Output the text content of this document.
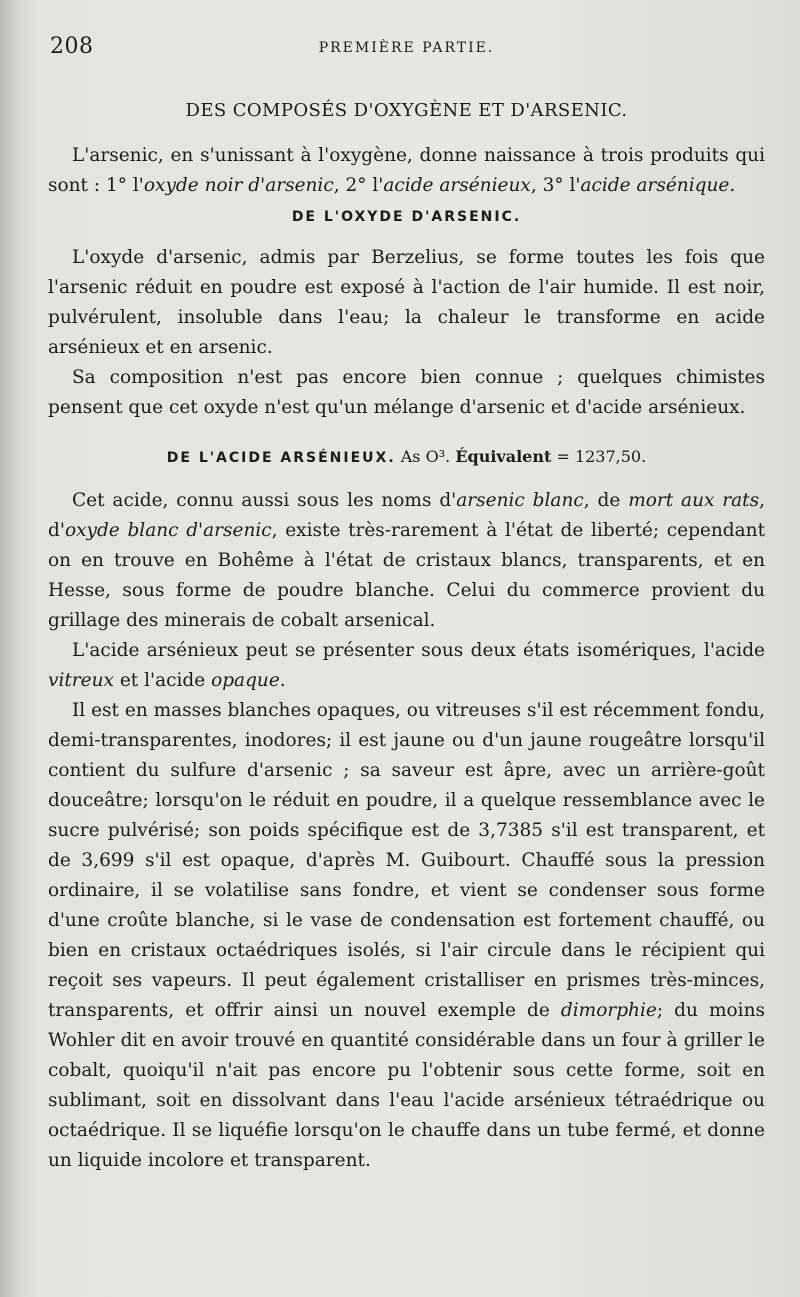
208	PREMIÈRE PARTIE.
DES COMPOSÉS D'OXYGÈNE ET D'ARSENIC.

L'arsenic, en s'unissant à l'oxygène, donne naissance à trois produits qui sont : 1° l'oxyde noir d'arsenic, 2° l'acide arsénieux, 3° l'acide arsénique.

DE L'OXYDE D'ARSENIC.

L'oxyde d'arsenic, admis par Berzelius, se forme toutes les fois que l'arsenic réduit en poudre est exposé à l'action de l'air humide. Il est noir, pulvérulent, insoluble dans l'eau; la chaleur le transforme en acide arsénieux et en arsenic.

Sa composition n'est pas encore bien connue ; quelques chimistes pensent que cet oxyde n'est qu'un mélange d'arsenic et d'acide arsénieux.

DE L'ACIDE ARSÉNIEUX. As O³. Équivalent = 1237,50.

Cet acide, connu aussi sous les noms d'arsenic blanc, de mort aux rats, d'oxyde blanc d'arsenic, existe très-rarement à l'état de liberté; cependant on en trouve en Bohême à l'état de cristaux blancs, transparents, et en Hesse, sous forme de poudre blanche. Celui du commerce provient du grillage des minerais de cobalt arsenical.

L'acide arsénieux peut se présenter sous deux états isomériques, l'acide vitreux et l'acide opaque.

Il est en masses blanches opaques, ou vitreuses s'il est récemment fondu, demi-transparentes, inodores; il est jaune ou d'un jaune rougeâtre lorsqu'il contient du sulfure d'arsenic ; sa saveur est âpre, avec un arrière-goût douceâtre; lorsqu'on le réduit en poudre, il a quelque ressemblance avec le sucre pulvérisé; son poids spécifique est de 3,7385 s'il est transparent, et de 3,699 s'il est opaque, d'après M. Guibourt. Chauffé sous la pression ordinaire, il se volatilise sans fondre, et vient se condenser sous forme d'une croûte blanche, si le vase de condensation est fortement chauffé, ou bien en cristaux octaédriques isolés, si l'air circule dans le récipient qui reçoit ses vapeurs. Il peut également cristalliser en prismes très-minces, transparents, et offrir ainsi un nouvel exemple de dimorphie; du moins Wohler dit en avoir trouvé en quantité considérable dans un four à griller le cobalt, quoiqu'il n'ait pas encore pu l'obtenir sous cette forme, soit en sublimant, soit en dissolvant dans l'eau l'acide arsénieux tétraédrique ou octaédrique. Il se liquéfie lorsqu'on le chauffe dans un tube fermé, et donne un liquide incolore et transparent.
